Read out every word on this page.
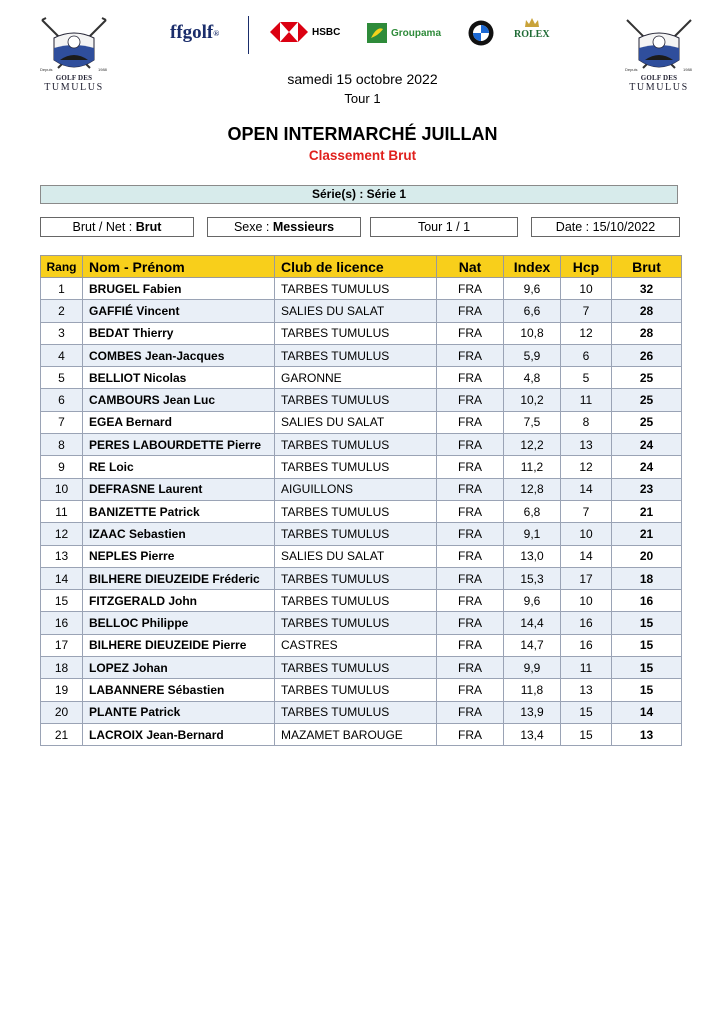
Depuis	1988
GOLF DES
TUMULUS
Depuis	1988
GOLF DES
TUMULUS
ffgolf ®	HSBC	Groupama	ROLEX
samedi 15 octobre 2022
Tour 1
OPEN INTERMARCHÉ JUILLAN
Classement Brut
Série(s) : Série 1
Brut / Net : Brut	Sexe : Messieurs	Tour 1 / 1	Date : 15/10/2022
Rang	Nom - Prénom	Club de licence	Nat	Index	Hcp	Brut
1	BRUGEL Fabien	TARBES TUMULUS	FRA	9,6	10	32
2	GAFFIÉ Vincent	SALIES DU SALAT	FRA	6,6	7	28
3	BEDAT Thierry	TARBES TUMULUS	FRA	10,8	12	28
4	COMBES Jean-Jacques	TARBES TUMULUS	FRA	5,9	6	26
5	BELLIOT Nicolas	GARONNE	FRA	4,8	5	25
6	CAMBOURS Jean Luc	TARBES TUMULUS	FRA	10,2	11	25
7	EGEA Bernard	SALIES DU SALAT	FRA	7,5	8	25
8	PERES LABOURDETTE Pierre	TARBES TUMULUS	FRA	12,2	13	24
9	RE Loic	TARBES TUMULUS	FRA	11,2	12	24
10	DEFRASNE Laurent	AIGUILLONS	FRA	12,8	14	23
11	BANIZETTE Patrick	TARBES TUMULUS	FRA	6,8	7	21
12	IZAAC Sebastien	TARBES TUMULUS	FRA	9,1	10	21
13	NEPLES Pierre	SALIES DU SALAT	FRA	13,0	14	20
14	BILHERE DIEUZEIDE Fréderic	TARBES TUMULUS	FRA	15,3	17	18
15	FITZGERALD John	TARBES TUMULUS	FRA	9,6	10	16
16	BELLOC Philippe	TARBES TUMULUS	FRA	14,4	16	15
17	BILHERE DIEUZEIDE Pierre	CASTRES	FRA	14,7	16	15
18	LOPEZ Johan	TARBES TUMULUS	FRA	9,9	11	15
19	LABANNERE Sébastien	TARBES TUMULUS	FRA	11,8	13	15
20	PLANTE Patrick	TARBES TUMULUS	FRA	13,9	15	14
21	LACROIX Jean-Bernard	MAZAMET BAROUGE	FRA	13,4	15	13
